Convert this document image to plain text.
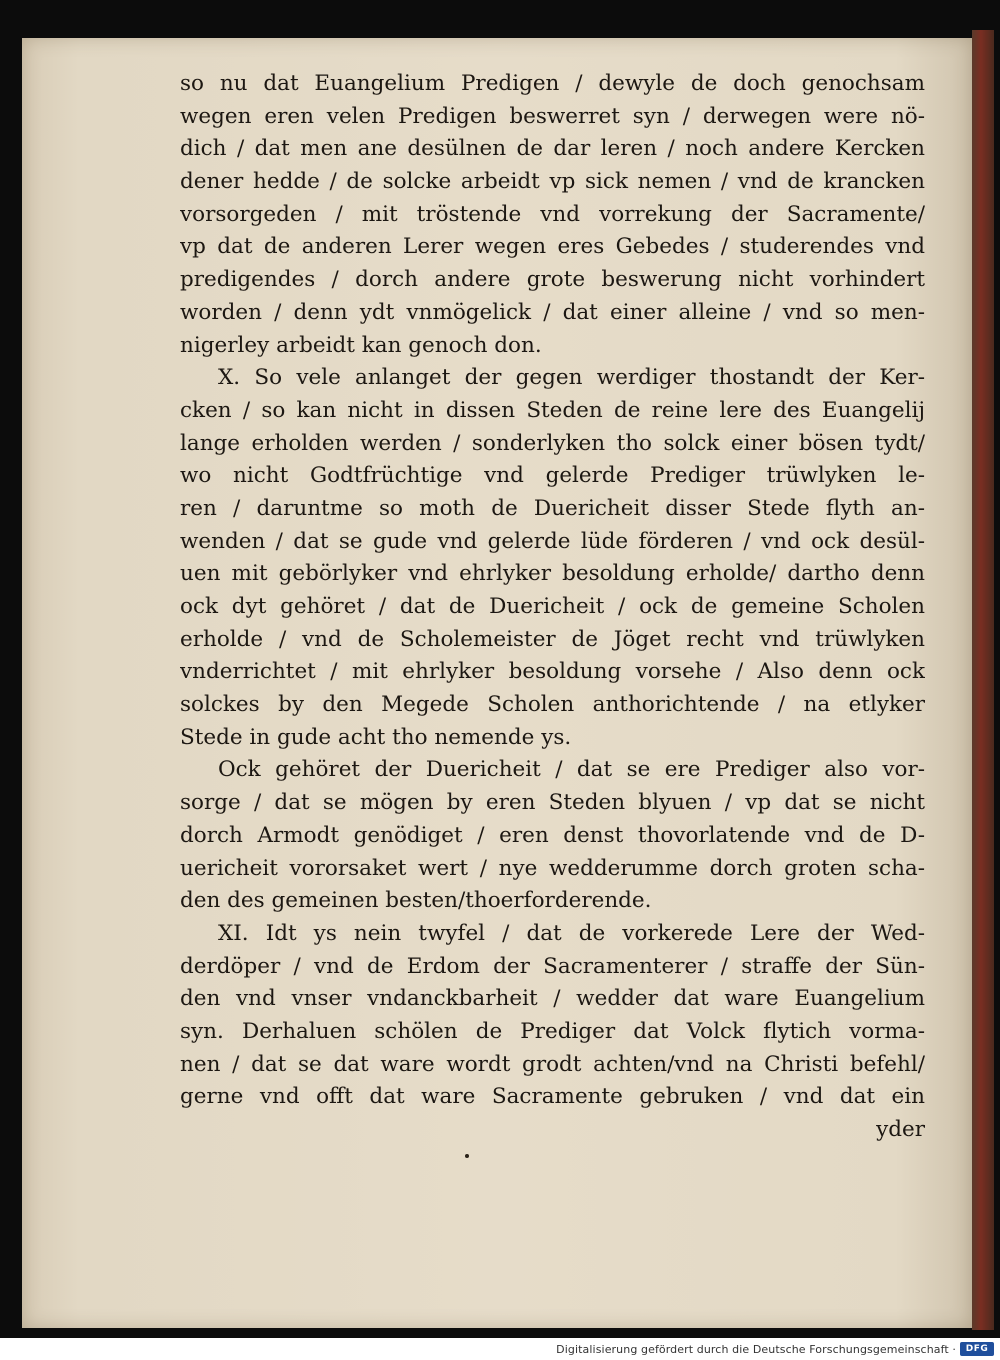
so nu dat Euangelium Predigen / dewyle de doch genochsam
wegen eren velen Predigen beswerret syn / derwegen were nö-
dich / dat men ane desülnen de dar leren / noch andere Kercken
dener hedde / de solcke arbeidt vp sick nemen / vnd de krancken
vorsorgeden / mit tröstende vnd vorrekung der Sacramente/
vp dat de anderen Lerer wegen eres Gebedes / studerendes vnd
predigendes / dorch andere grote beswerung nicht vorhindert
worden / denn ydt vnmögelick / dat einer alleine / vnd so men-
nigerley arbeidt kan genoch don.
X. So vele anlanget der gegen werdiger thostandt der Ker-
cken / so kan nicht in dissen Steden de reine lere des Euangelij
lange erholden werden / sonderlyken tho solck einer bösen tydt/
wo nicht Godtfrüchtige vnd gelerde Prediger trüwlyken le-
ren / daruntme so moth de Duericheit disser Stede flyth an-
wenden / dat se gude vnd gelerde lüde förderen / vnd ock desül-
uen mit gebörlyker vnd ehrlyker besoldung erholde/ dartho denn
ock dyt gehöret / dat de Duericheit / ock de gemeine Scholen
erholde / vnd de Scholemeister de Jöget recht vnd trüwlyken
vnderrichtet / mit ehrlyker besoldung vorsehe / Also denn ock
solckes by den Megede Scholen anthorichtende / na etlyker
Stede in gude acht tho nemende ys.
Ock gehöret der Duericheit / dat se ere Prediger also vor-
sorge / dat se mögen by eren Steden blyuen / vp dat se nicht
dorch Armodt genödiget / eren denst thovorlatende vnd de D-
uericheit vororsaket wert / nye wedderumme dorch groten scha-
den des gemeinen besten/thoerforderende.
XI. Idt ys nein twyfel / dat de vorkerede Lere der Wed-
derdöper / vnd de Erdom der Sacramenterer / straffe der Sün-
den vnd vnser vndanckbarheit / wedder dat ware Euangelium
syn. Derhaluen schölen de Prediger dat Volck flytich vorma-
nen / dat se dat ware wordt grodt achten/vnd na Christi befehl/
gerne vnd offt dat ware Sacramente gebruken / vnd dat ein
yder
Digitalisierung gefördert durch die Deutsche Forschungsgemeinschaft ·	DFG
